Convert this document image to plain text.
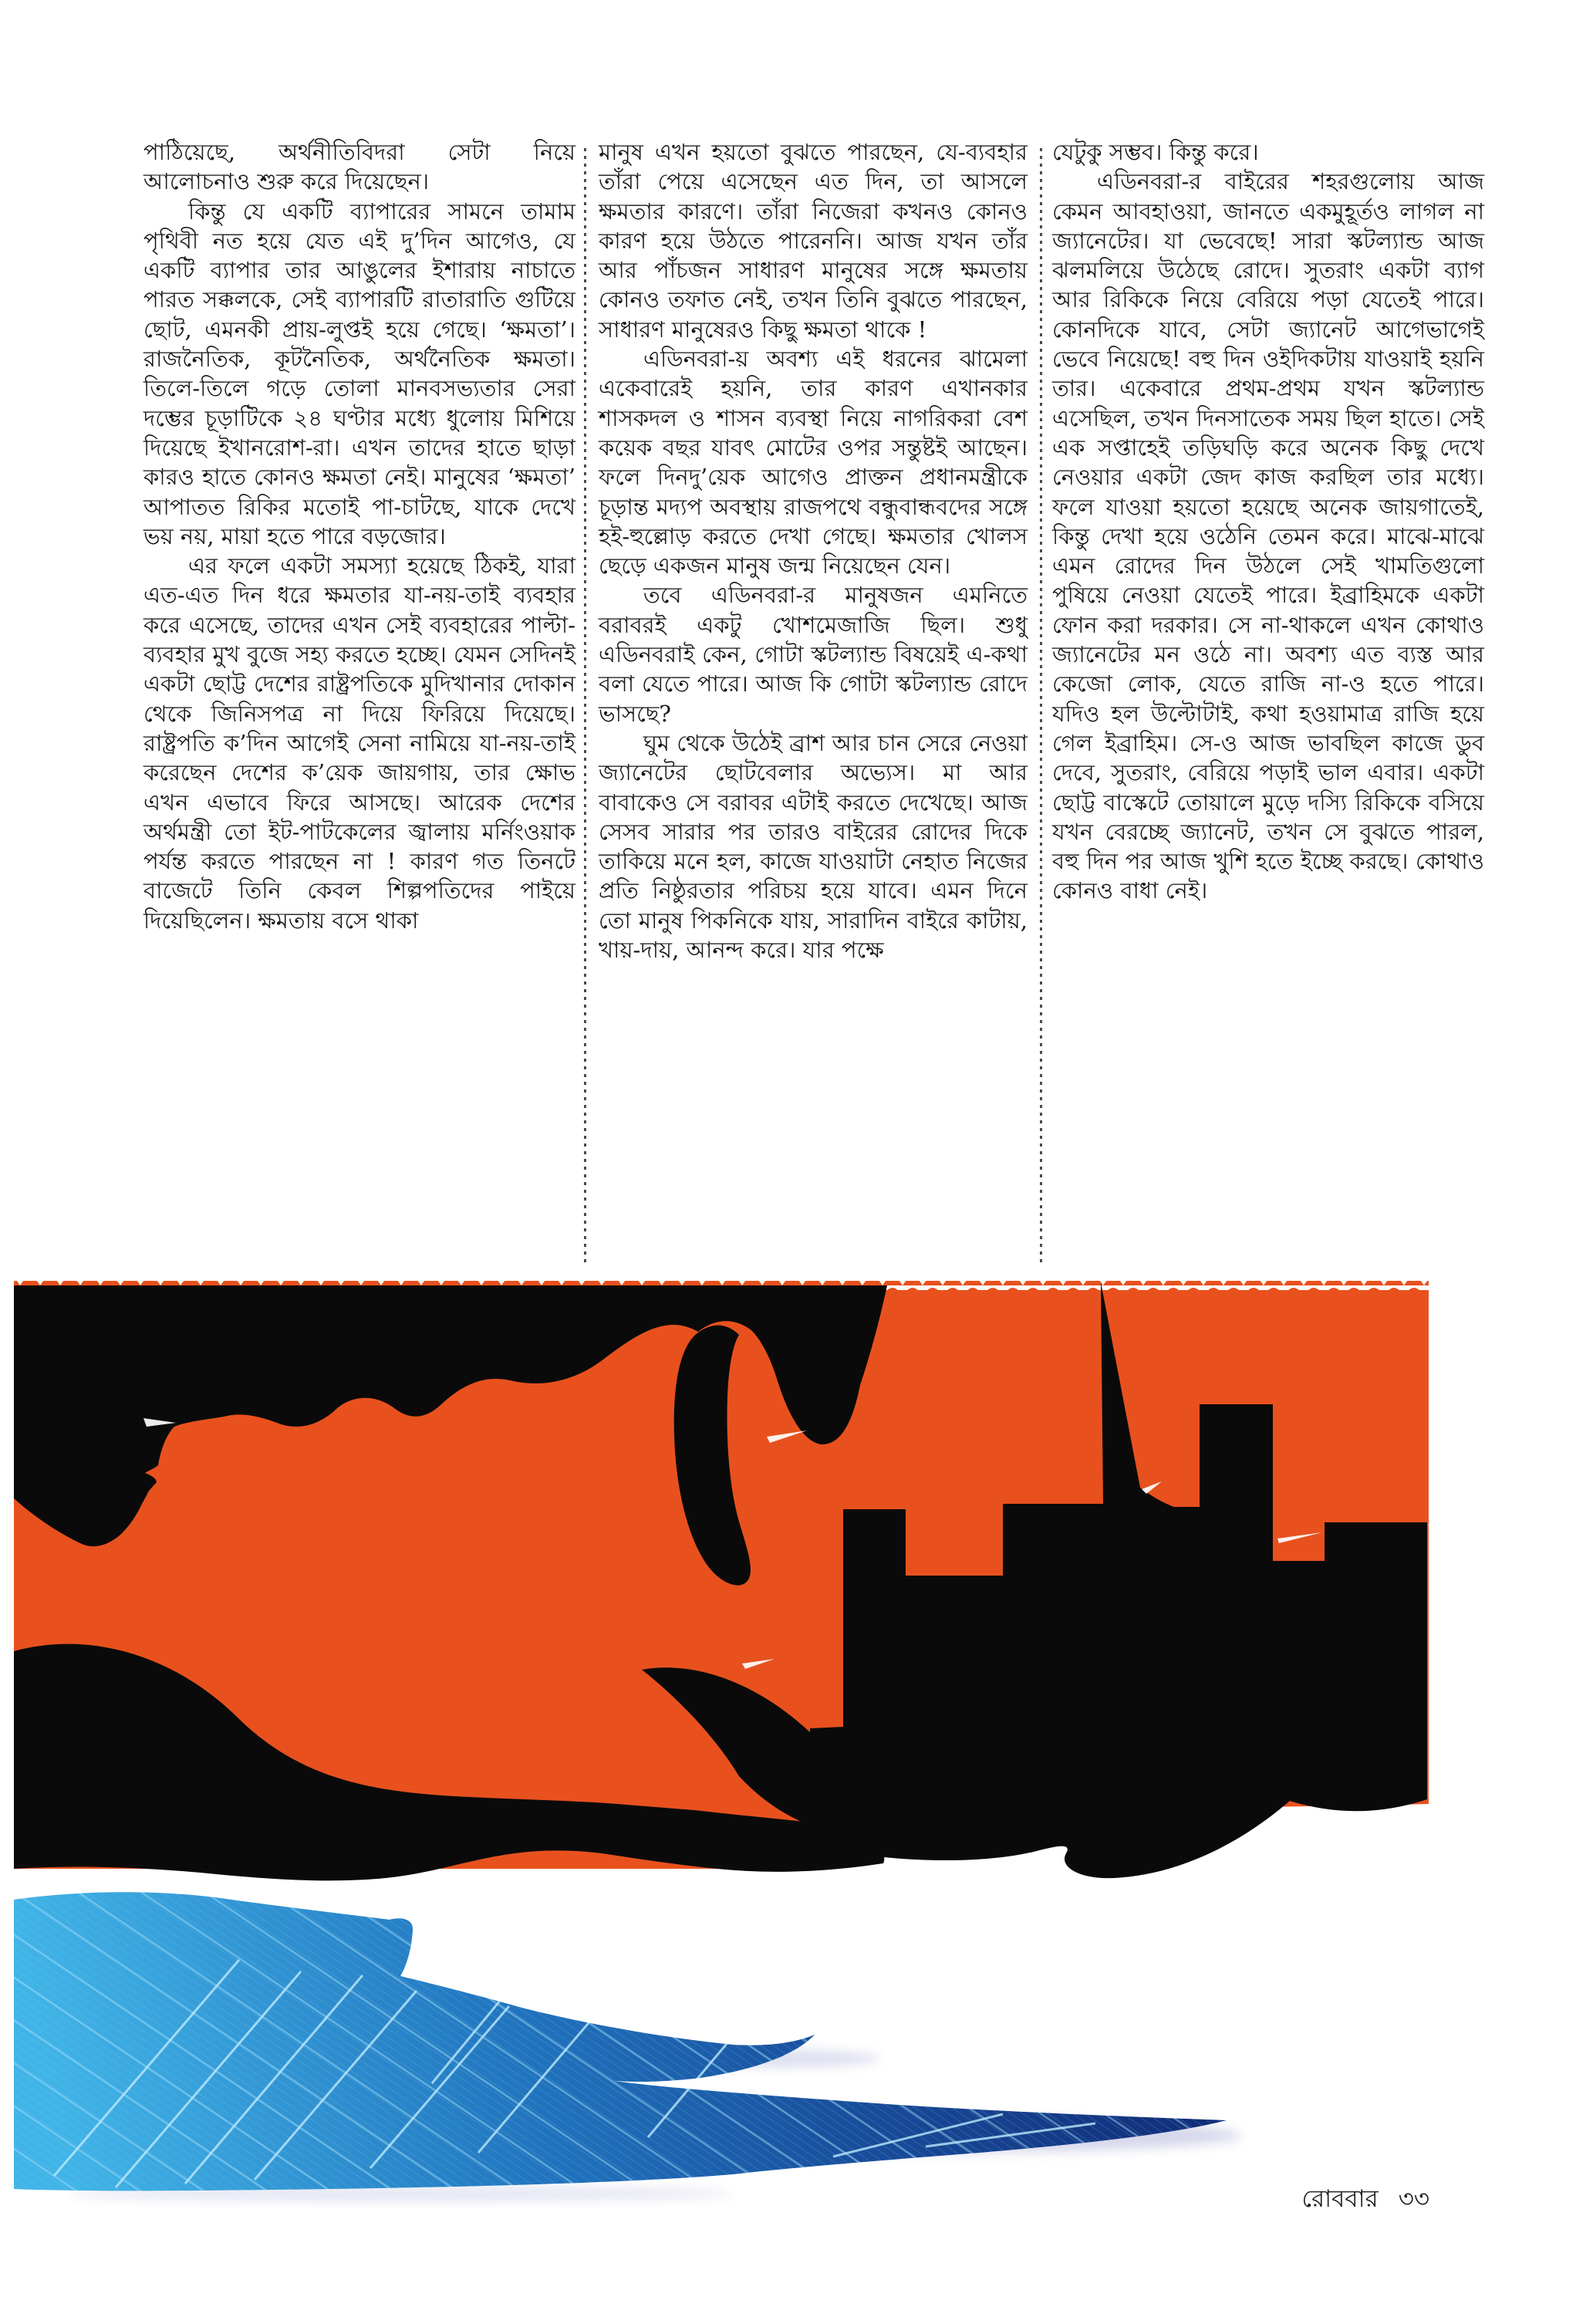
পাঠিয়েছে, অর্থনীতিবিদরা সেটা নিয়ে আলোচনাও শুরু করে দিয়েছেন।

কিন্তু যে একটি ব্যাপারের সামনে তামাম পৃথিবী নত হয়ে যেত এই দু’দিন আগেও, যে একটি ব্যাপার তার আঙুলের ইশারায় নাচাতে পারত সক্কলকে, সেই ব্যাপারটি রাতারাতি গুটিয়ে ছোট, এমনকী প্রায়-লুপ্তই হয়ে গেছে। ‘ক্ষমতা’। রাজনৈতিক, কূটনৈতিক, অর্থনৈতিক ক্ষমতা। তিলে-তিলে গড়ে তোলা মানবসভ্যতার সেরা দম্ভের চূড়াটিকে ২৪ ঘণ্টার মধ্যে ধুলোয় মিশিয়ে দিয়েছে ইখানরোশ-রা। এখন তাদের হাতে ছাড়া কারও হাতে কোনও ক্ষমতা নেই। মানুষের ‘ক্ষমতা’ আপাতত রিকির মতোই পা-চাটছে, যাকে দেখে ভয় নয়, মায়া হতে পারে বড়জোর।

এর ফলে একটা সমস্যা হয়েছে ঠিকই, যারা এত-এত দিন ধরে ক্ষমতার যা-নয়-তাই ব্যবহার করে এসেছে, তাদের এখন সেই ব্যবহারের পাল্টা-ব্যবহার মুখ বুজে সহ্য করতে হচ্ছে। যেমন সেদিনই একটা ছোট্ট দেশের রাষ্ট্রপতিকে মুদিখানার দোকান থেকে জিনিসপত্র না দিয়ে ফিরিয়ে দিয়েছে। রাষ্ট্রপতি ক’দিন আগেই সেনা নামিয়ে যা-নয়-তাই করেছেন দেশের ক’য়েক জায়গায়, তার ক্ষোভ এখন এভাবে ফিরে আসছে। আরেক দেশের অর্থমন্ত্রী তো ইট-পাটকেলের জ্বালায় মর্নিংওয়াক পর্যন্ত করতে পারছেন না ! কারণ গত তিনটে বাজেটে তিনি কেবল শিল্পপতিদের পাইয়ে দিয়েছিলেন। ক্ষমতায় বসে থাকা

মানুষ এখন হয়তো বুঝতে পারছেন, যে-ব্যবহার তাঁরা পেয়ে এসেছেন এত দিন, তা আসলে ক্ষমতার কারণে। তাঁরা নিজেরা কখনও কোনও কারণ হয়ে উঠতে পারেননি। আজ যখন তাঁর আর পাঁচজন সাধারণ মানুষের সঙ্গে ক্ষমতায় কোনও তফাত নেই, তখন তিনি বুঝতে পারছেন, সাধারণ মানুষেরও কিছু ক্ষমতা থাকে !

এডিনবরা-য় অবশ্য এই ধরনের ঝামেলা একেবারেই হয়নি, তার কারণ এখানকার শাসকদল ও শাসন ব্যবস্থা নিয়ে নাগরিকরা বেশ কয়েক বছর যাবৎ মোটের ওপর সন্তুষ্টই আছেন। ফলে দিনদু’য়েক আগেও প্রাক্তন প্রধানমন্ত্রীকে চূড়ান্ত মদ্যপ অবস্থায় রাজপথে বন্ধুবান্ধবদের সঙ্গে হই-হুল্লোড় করতে দেখা গেছে। ক্ষমতার খোলস ছেড়ে একজন মানুষ জন্ম নিয়েছেন যেন।

তবে এডিনবরা-র মানুষজন এমনিতে বরাবরই একটু খোশমেজাজি ছিল। শুধু এডিনবরাই কেন, গোটা স্কটল্যান্ড বিষয়েই এ-কথা বলা যেতে পারে। আজ কি গোটা স্কটল্যান্ড রোদে ভাসছে?

ঘুম থেকে উঠেই ব্রাশ আর চান সেরে নেওয়া জ্যানেটের ছোটবেলার অভ্যেস। মা আর বাবাকেও সে বরাবর এটাই করতে দেখেছে। আজ সেসব সারার পর তারও বাইরের রোদের দিকে তাকিয়ে মনে হল, কাজে যাওয়াটা নেহাত নিজের প্রতি নিষ্ঠুরতার পরিচয় হয়ে যাবে। এমন দিনে তো মানুষ পিকনিকে যায়, সারাদিন বাইরে কাটায়, খায়-দায়, আনন্দ করে। যার পক্ষে

যেটুকু সম্ভব। কিন্তু করে।

এডিনবরা-র বাইরের শহরগুলোয় আজ কেমন আবহাওয়া, জানতে একমুহূর্তও লাগল না জ্যানেটের। যা ভেবেছে! সারা স্কটল্যান্ড আজ ঝলমলিয়ে উঠেছে রোদে। সুতরাং একটা ব্যাগ আর রিকিকে নিয়ে বেরিয়ে পড়া যেতেই পারে। কোনদিকে যাবে, সেটা জ্যানেট আগেভাগেই ভেবে নিয়েছে! বহু দিন ওইদিকটায় যাওয়াই হয়নি তার। একেবারে প্রথম-প্রথম যখন স্কটল্যান্ড এসেছিল, তখন দিনসাতেক সময় ছিল হাতে। সেই এক সপ্তাহেই তড়িঘড়ি করে অনেক কিছু দেখে নেওয়ার একটা জেদ কাজ করছিল তার মধ্যে। ফলে যাওয়া হয়তো হয়েছে অনেক জায়গাতেই, কিন্তু দেখা হয়ে ওঠেনি তেমন করে। মাঝে-মাঝে এমন রোদের দিন উঠলে সেই খামতিগুলো পুষিয়ে নেওয়া যেতেই পারে। ইব্রাহিমকে একটা ফোন করা দরকার। সে না-থাকলে এখন কোথাও জ্যানেটের মন ওঠে না। অবশ্য এত ব্যস্ত আর কেজো লোক, যেতে রাজি না-ও হতে পারে। যদিও হল উল্টোটাই, কথা হওয়ামাত্র রাজি হয়ে গেল ইব্রাহিম। সে-ও আজ ভাবছিল কাজে ডুব দেবে, সুতরাং, বেরিয়ে পড়াই ভাল এবার। একটা ছোট্ট বাস্কেটে তোয়ালে মুড়ে দস্যি রিকিকে বসিয়ে যখন বেরচ্ছে জ্যানেট, তখন সে বুঝতে পারল, বহু দিন পর আজ খুশি হতে ইচ্ছে করছে। কোথাও কোনও বাধা নেই।

রোববার ৩৩
